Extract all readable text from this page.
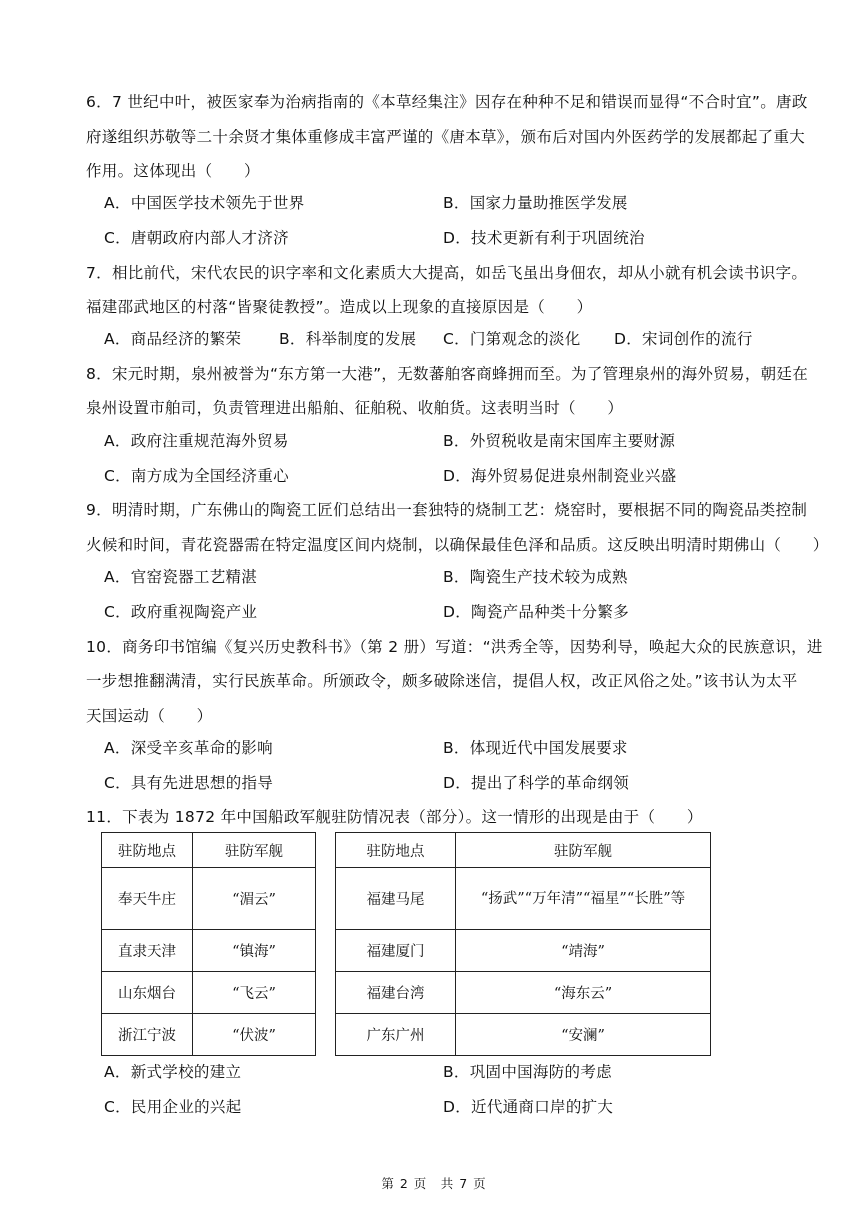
6．7 世纪中叶，被医家奉为治病指南的《本草经集注》因存在种种不足和错误而显得“不合时宜”。唐政
府遂组织苏敬等二十余贤才集体重修成丰富严谨的《唐本草》，颁布后对国内外医药学的发展都起了重大
作用。这体现出（　　）
A．中国医学技术领先于世界	B．国家力量助推医学发展
C．唐朝政府内部人才济济	D．技术更新有利于巩固统治
7．相比前代，宋代农民的识字率和文化素质大大提高，如岳飞虽出身佃农，却从小就有机会读书识字。
福建邵武地区的村落“皆聚徒教授”。造成以上现象的直接原因是（　　）
A．商品经济的繁荣 B．科举制度的发展 C．门第观念的淡化 D．宋词创作的流行
8．宋元时期，泉州被誉为“东方第一大港”，无数蕃舶客商蜂拥而至。为了管理泉州的海外贸易，朝廷在
泉州设置市舶司，负责管理进出船舶、征舶税、收舶货。这表明当时（　　）
A．政府注重规范海外贸易	B．外贸税收是南宋国库主要财源
C．南方成为全国经济重心	D．海外贸易促进泉州制瓷业兴盛
9．明清时期，广东佛山的陶瓷工匠们总结出一套独特的烧制工艺：烧窑时，要根据不同的陶瓷品类控制
火候和时间，青花瓷器需在特定温度区间内烧制，以确保最佳色泽和品质。这反映出明清时期佛山（　　）
A．官窑瓷器工艺精湛	B．陶瓷生产技术较为成熟
C．政府重视陶瓷产业	D．陶瓷产品种类十分繁多
10．商务印书馆编《复兴历史教科书》（第 2 册）写道：“洪秀全等，因势利导，唤起大众的民族意识，进
一步想推翻满清，实行民族革命。所颁政令，颇多破除迷信，提倡人权，改正风俗之处。”该书认为太平
天国运动（　　）
A．深受辛亥革命的影响	B．体现近代中国发展要求
C．具有先进思想的指导	D．提出了科学的革命纲领
11．下表为 1872 年中国船政军舰驻防情况表（部分）。这一情形的出现是由于（　　）
驻防地点	驻防军舰		驻防地点	驻防军舰
奉天牛庄	“湄云”		福建马尾	“扬武”“万年清”“福星”“长胜”等
直隶天津	“镇海”		福建厦门	“靖海”
山东烟台	“飞云”		福建台湾	“海东云”
浙江宁波	“伏波”		广东广州	“安澜”
A．新式学校的建立	B．巩固中国海防的考虑
C．民用企业的兴起	D．近代通商口岸的扩大
第 2 页　共 7 页
